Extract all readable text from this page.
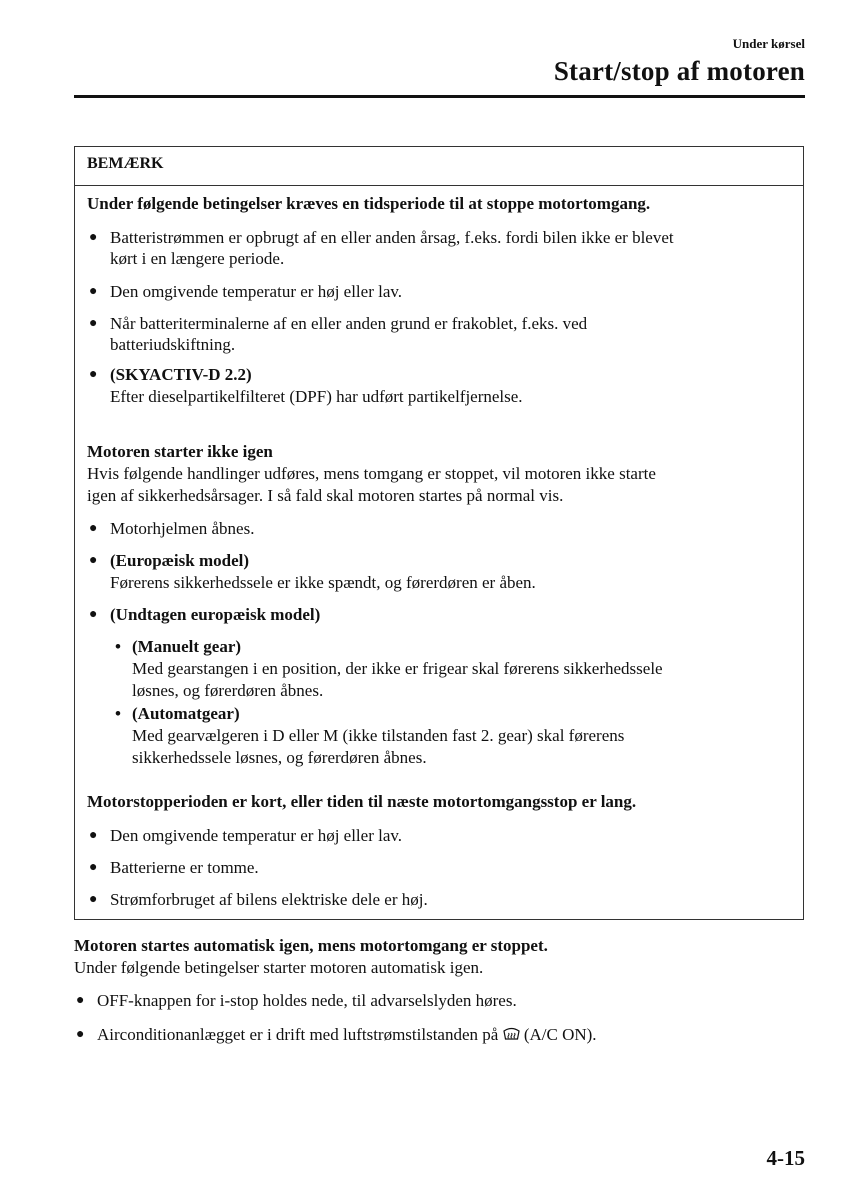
Under kørsel
Start/stop af motoren
BEMÆRK
Under følgende betingelser kræves en tidsperiode til at stoppe motortomgang.
● Batteristrømmen er opbrugt af en eller anden årsag, f.eks. fordi bilen ikke er blevet
kørt i en længere periode.
● Den omgivende temperatur er høj eller lav.
● Når batteriterminalerne af en eller anden grund er frakoblet, f.eks. ved
batteriudskiftning.
● (SKYACTIV-D 2.2)
Efter dieselpartikelfilteret (DPF) har udført partikelfjernelse.
Motoren starter ikke igen
Hvis følgende handlinger udføres, mens tomgang er stoppet, vil motoren ikke starte
igen af sikkerhedsårsager. I så fald skal motoren startes på normal vis.
● Motorhjelmen åbnes.
● (Europæisk model)
Førerens sikkerhedssele er ikke spændt, og førerdøren er åben.
● (Undtagen europæisk model)
• (Manuelt gear)
Med gearstangen i en position, der ikke er frigear skal førerens sikkerhedssele
løsnes, og førerdøren åbnes.
• (Automatgear)
Med gearvælgeren i D eller M (ikke tilstanden fast 2. gear) skal førerens
sikkerhedssele løsnes, og førerdøren åbnes.
Motorstopperioden er kort, eller tiden til næste motortomgangsstop er lang.
● Den omgivende temperatur er høj eller lav.
● Batterierne er tomme.
● Strømforbruget af bilens elektriske dele er høj.
Motoren startes automatisk igen, mens motortomgang er stoppet.
Under følgende betingelser starter motoren automatisk igen.
● OFF-knappen for i-stop holdes nede, til advarselslyden høres.
● Airconditionanlægget er i drift med luftstrømstilstanden på (A/C ON).
4-15
